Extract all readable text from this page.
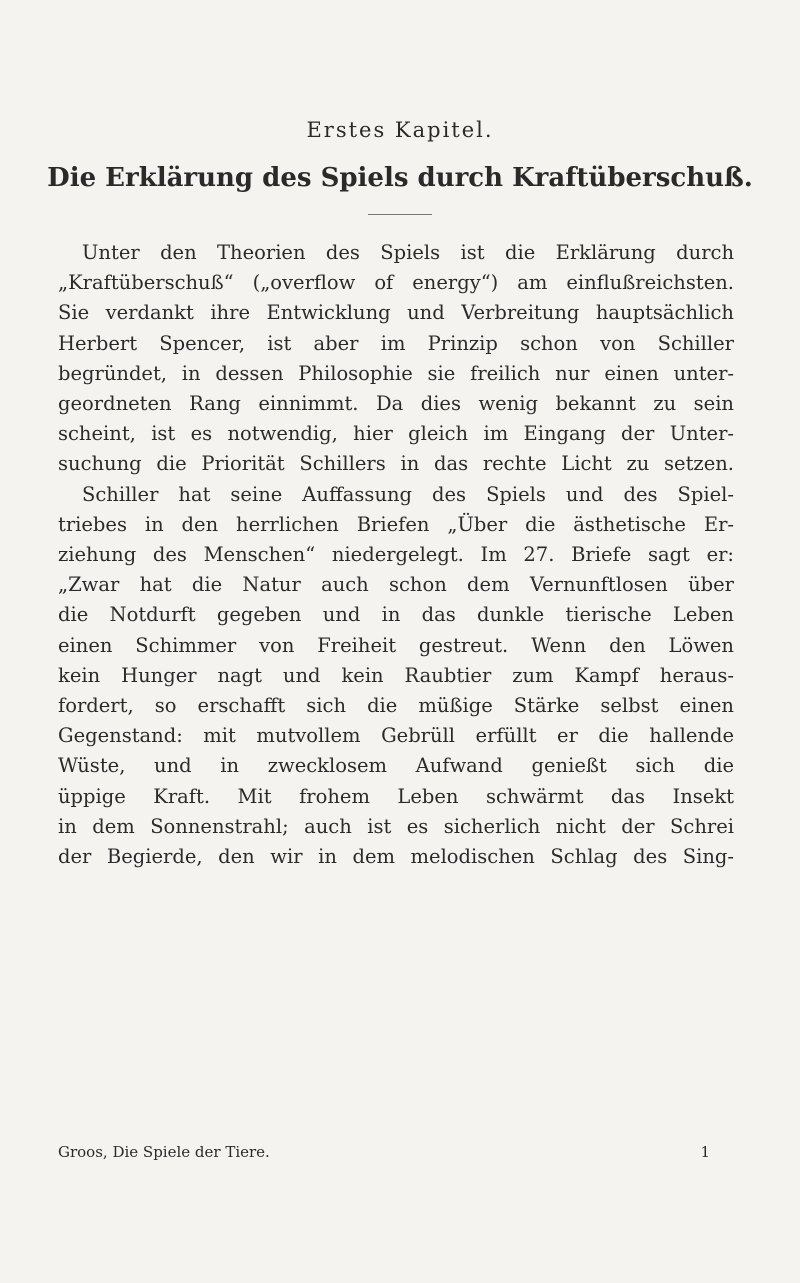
Erstes Kapitel.
Die Erklärung des Spiels durch Kraftüberschuß.
Unter den Theorien des Spiels ist die Erklärung durch
„Kraftüberschuß“ („overflow of energy“) am einflußreichsten.
Sie verdankt ihre Entwicklung und Verbreitung hauptsächlich
Herbert Spencer, ist aber im Prinzip schon von Schiller
begründet, in dessen Philosophie sie freilich nur einen unter-
geordneten Rang einnimmt. Da dies wenig bekannt zu sein
scheint, ist es notwendig, hier gleich im Eingang der Unter-
suchung die Priorität Schillers in das rechte Licht zu setzen.
Schiller hat seine Auffassung des Spiels und des Spiel-
triebes in den herrlichen Briefen „Über die ästhetische Er-
ziehung des Menschen“ niedergelegt. Im 27. Briefe sagt er:
„Zwar hat die Natur auch schon dem Vernunftlosen über
die Notdurft gegeben und in das dunkle tierische Leben
einen Schimmer von Freiheit gestreut. Wenn den Löwen
kein Hunger nagt und kein Raubtier zum Kampf heraus-
fordert, so erschafft sich die müßige Stärke selbst einen
Gegenstand: mit mutvollem Gebrüll erfüllt er die hallende
Wüste, und in zwecklosem Aufwand genießt sich die
üppige Kraft. Mit frohem Leben schwärmt das Insekt
in dem Sonnenstrahl; auch ist es sicherlich nicht der Schrei
der Begierde, den wir in dem melodischen Schlag des Sing-
Groos, Die Spiele der Tiere.	1
